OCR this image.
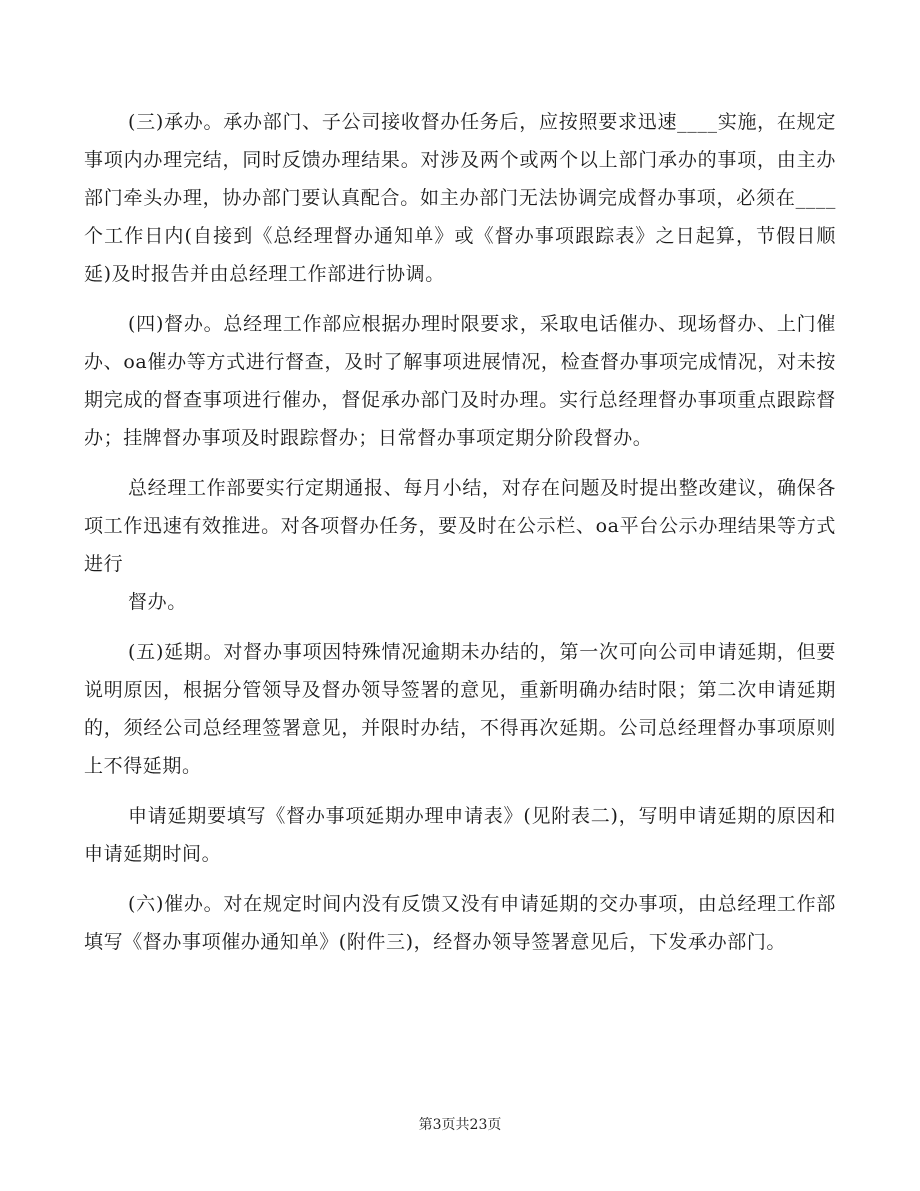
(三)承办。承办部门、子公司接收督办任务后，应按照要求迅速____实施，在规定事项内办理完结，同时反馈办理结果。对涉及两个或两个以上部门承办的事项，由主办部门牵头办理，协办部门要认真配合。如主办部门无法协调完成督办事项，必须在____个工作日内(自接到《总经理督办通知单》或《督办事项跟踪表》之日起算，节假日顺延)及时报告并由总经理工作部进行协调。

(四)督办。总经理工作部应根据办理时限要求，采取电话催办、现场督办、上门催办、oa催办等方式进行督查，及时了解事项进展情况，检查督办事项完成情况，对未按期完成的督查事项进行催办，督促承办部门及时办理。实行总经理督办事项重点跟踪督办；挂牌督办事项及时跟踪督办；日常督办事项定期分阶段督办。

总经理工作部要实行定期通报、每月小结，对存在问题及时提出整改建议，确保各项工作迅速有效推进。对各项督办任务，要及时在公示栏、oa平台公示办理结果等方式进行

督办。

(五)延期。对督办事项因特殊情况逾期未办结的，第一次可向公司申请延期，但要说明原因，根据分管领导及督办领导签署的意见，重新明确办结时限；第二次申请延期的，须经公司总经理签署意见，并限时办结，不得再次延期。公司总经理督办事项原则上不得延期。

申请延期要填写《督办事项延期办理申请表》(见附表二)，写明申请延期的原因和申请延期时间。

(六)催办。对在规定时间内没有反馈又没有申请延期的交办事项，由总经理工作部填写《督办事项催办通知单》(附件三)，经督办领导签署意见后，下发承办部门。

第3页共23页
